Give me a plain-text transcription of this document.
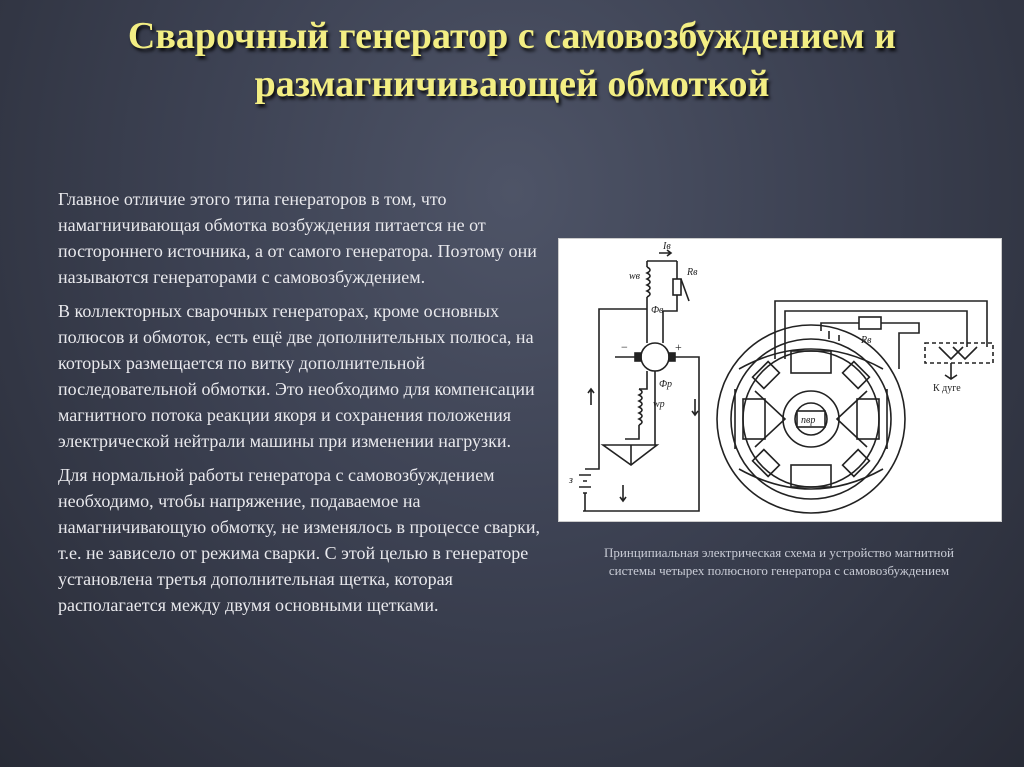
Сварочный генератор с самовозбуждением и размагничивающей обмоткой

Главное отличие этого типа генераторов в том, что намагничивающая обмотка возбуждения питается не от постороннего источника, а от самого генератора. Поэтому они называются генераторами с самовозбуждением.

В коллекторных сварочных генераторах, кроме основных полюсов и обмоток, есть ещё две дополнительных полюса, на которых размещается по витку дополнительной последовательной обмотки. Это необходимо для компенсации магнитного потока реакции якоря и сохранения положения электрической нейтрали машины при изменении нагрузки.

Для нормальной работы генератора с самовозбуждением необходимо, чтобы напряжение, подаваемое на намагничивающую обмотку, не изменялось в процессе сварки, т.е. не зависело от режима сварки. С этой целью в генераторе установлена третья дополнительная щетка, которая располагается между двумя основными щетками.

Iв
wв	Rв
Фв
Фр
wр
+
−
з
Rв
К дуге
nвр
Принципиальная электрическая схема и устройство магнитной системы четырех полюсного генератора с самовозбуждением
